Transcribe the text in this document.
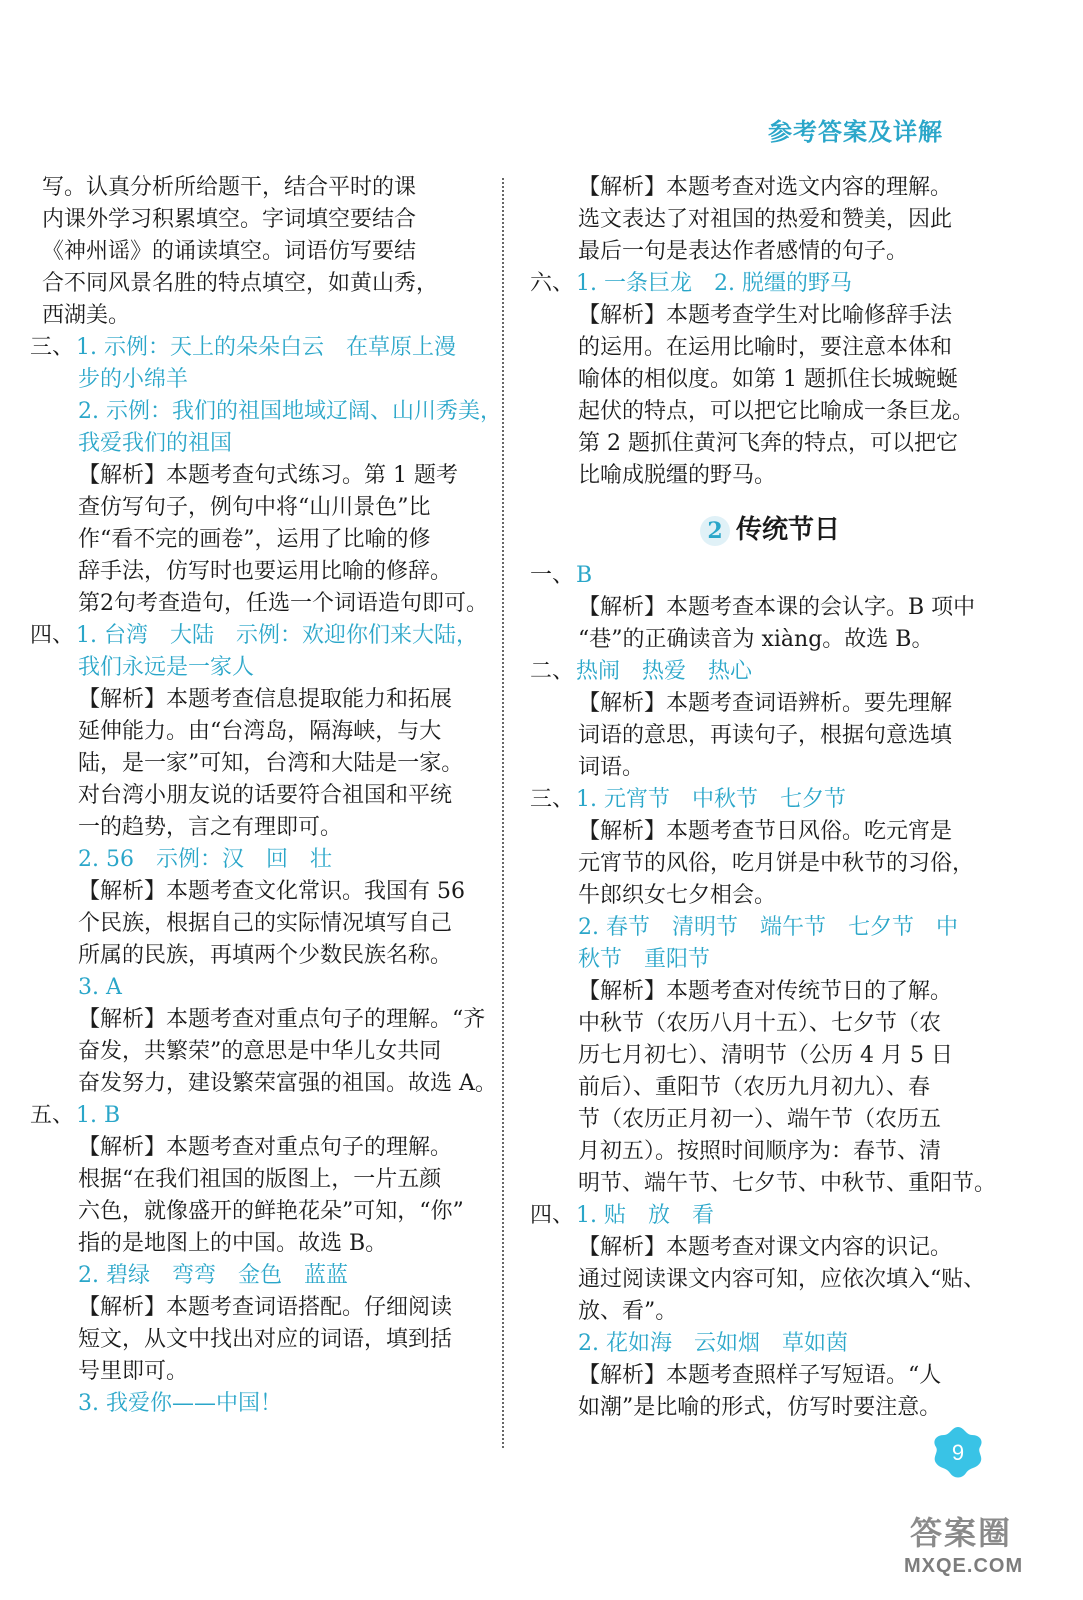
参考答案及详解
写。认真分析所给题干，结合平时的课
内课外学习积累填空。字词填空要结合
《神州谣》的诵读填空。词语仿写要结
合不同风景名胜的特点填空，如黄山秀，
西湖美。
三、1. 示例：天上的朵朵白云　在草原上漫
步的小绵羊
2. 示例：我们的祖国地域辽阔、山川秀美，
我爱我们的祖国
【解析】本题考查句式练习。第 1 题考
查仿写句子，例句中将“山川景色”比
作“看不完的画卷”，运用了比喻的修
辞手法，仿写时也要运用比喻的修辞。
第2句考查造句，任选一个词语造句即可。
四、1. 台湾　大陆　示例：欢迎你们来大陆，
我们永远是一家人
【解析】本题考查信息提取能力和拓展
延伸能力。由“台湾岛，隔海峡，与大
陆，是一家”可知，台湾和大陆是一家。
对台湾小朋友说的话要符合祖国和平统
一的趋势，言之有理即可。
2. 56　示例：汉　回　壮
【解析】本题考查文化常识。我国有 56
个民族，根据自己的实际情况填写自己
所属的民族，再填两个少数民族名称。
3. A
【解析】本题考查对重点句子的理解。“齐
奋发，共繁荣”的意思是中华儿女共同
奋发努力，建设繁荣富强的祖国。故选 A。
五、1. B
【解析】本题考查对重点句子的理解。
根据“在我们祖国的版图上，一片五颜
六色，就像盛开的鲜艳花朵”可知，“你”
指的是地图上的中国。故选 B。
2. 碧绿　弯弯　金色　蓝蓝
【解析】本题考查词语搭配。仔细阅读
短文，从文中找出对应的词语，填到括
号里即可。
3. 我爱你——中国！
【解析】本题考查对选文内容的理解。
选文表达了对祖国的热爱和赞美，因此
最后一句是表达作者感情的句子。
六、1. 一条巨龙　2. 脱缰的野马
【解析】本题考查学生对比喻修辞手法
的运用。在运用比喻时，要注意本体和
喻体的相似度。如第 1 题抓住长城蜿蜒
起伏的特点，可以把它比喻成一条巨龙。
第 2 题抓住黄河飞奔的特点，可以把它
比喻成脱缰的野马。
2 传统节日
一、B
【解析】本题考查本课的会认字。B 项中
“巷”的正确读音为 xiàng。故选 B。
二、热闹　热爱　热心
【解析】本题考查词语辨析。要先理解
词语的意思，再读句子，根据句意选填
词语。
三、1. 元宵节　中秋节　七夕节
【解析】本题考查节日风俗。吃元宵是
元宵节的风俗，吃月饼是中秋节的习俗，
牛郎织女七夕相会。
2. 春节　清明节　端午节　七夕节　中
秋节　重阳节
【解析】本题考查对传统节日的了解。
中秋节（农历八月十五）、七夕节（农
历七月初七）、清明节（公历 4 月 5 日
前后）、重阳节（农历九月初九）、春
节（农历正月初一）、端午节（农历五
月初五）。按照时间顺序为：春节、清
明节、端午节、七夕节、中秋节、重阳节。
四、1. 贴　放　看
【解析】本题考查对课文内容的识记。
通过阅读课文内容可知，应依次填入“贴、
放、看”。
2. 花如海　云如烟　草如茵
【解析】本题考查照样子写短语。“人
如潮”是比喻的形式，仿写时要注意。
9
答案圈
MXQE.COM
